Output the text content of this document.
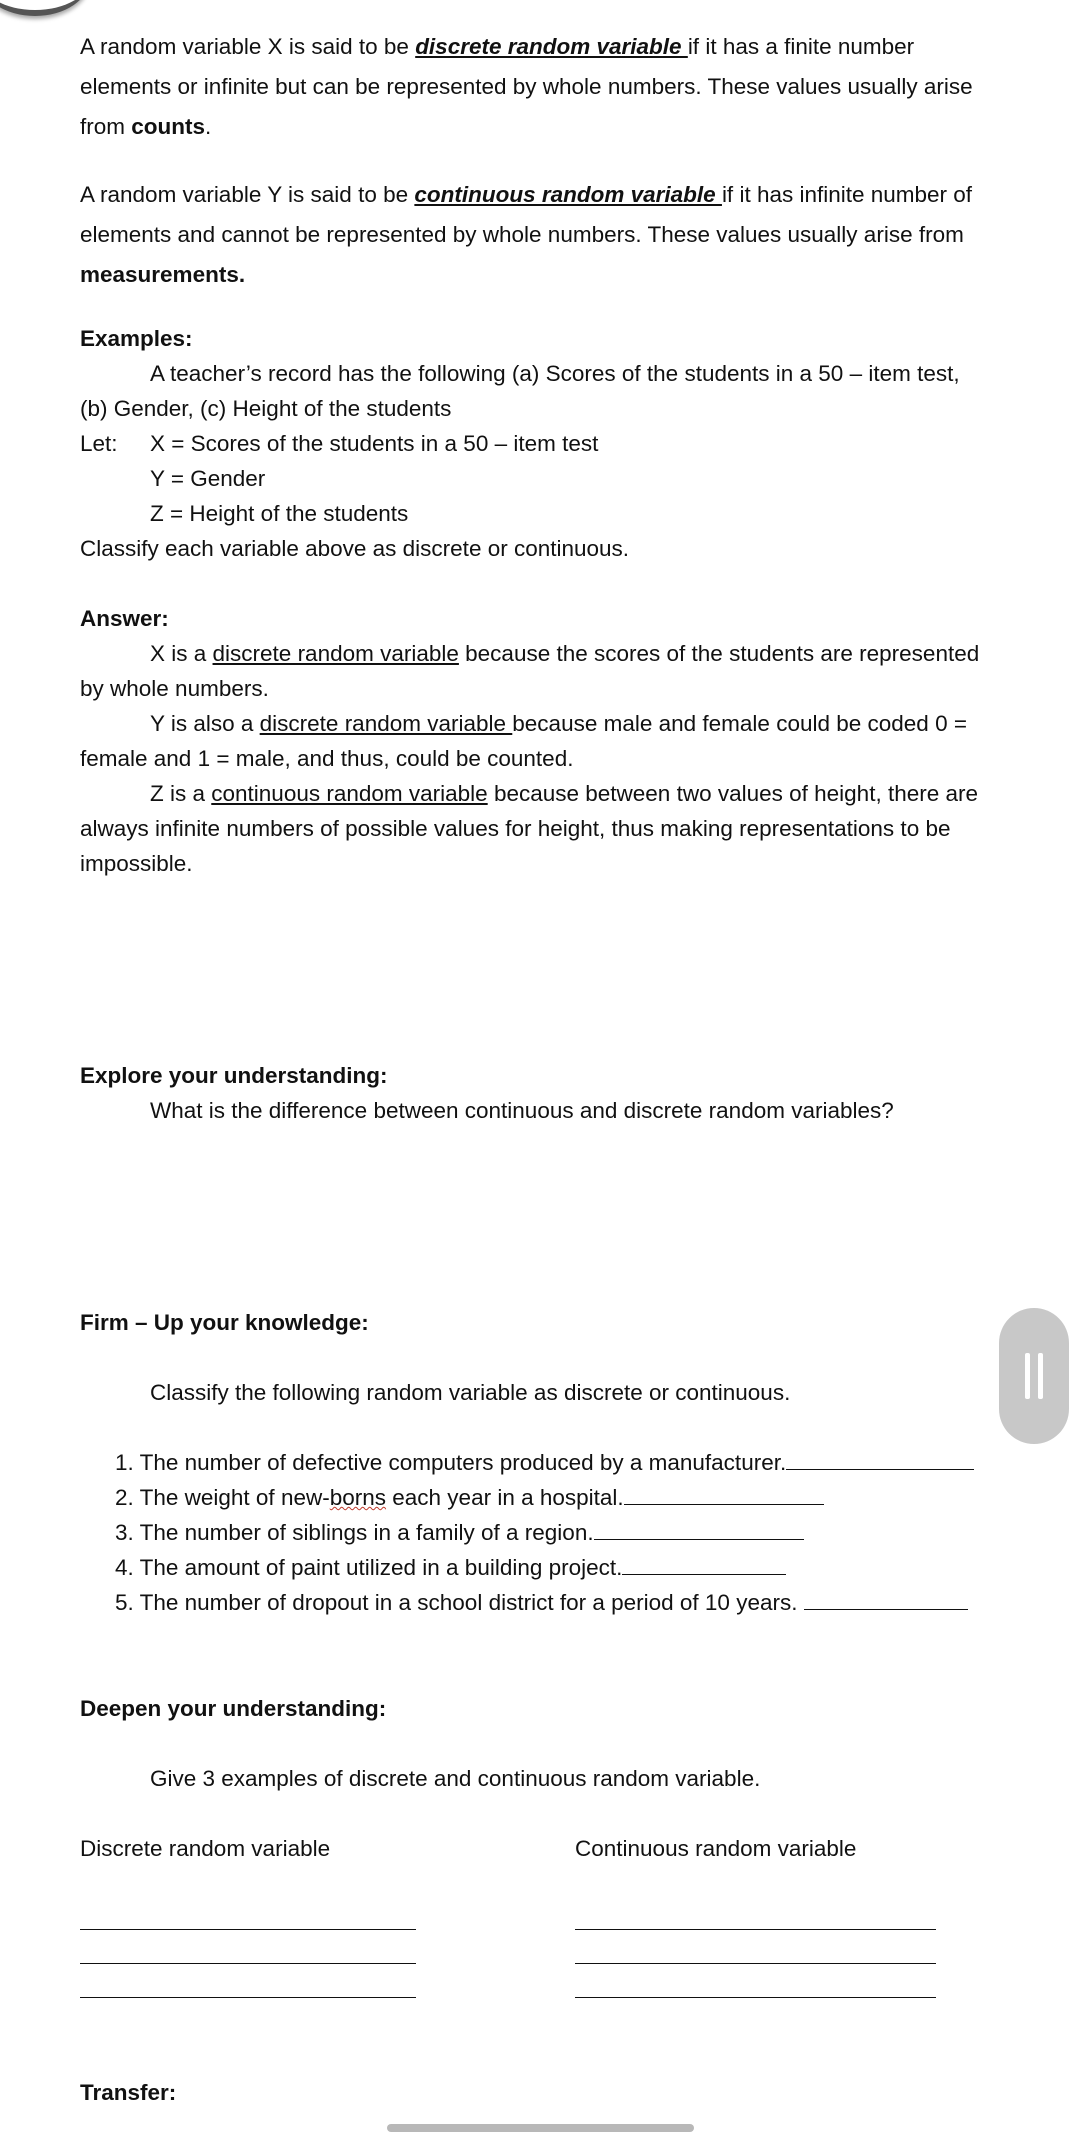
A random variable X is said to be discrete random variable if it has a finite number elements or infinite but can be represented by whole numbers. These values usually arise from counts.

A random variable Y is said to be continuous random variable if it has infinite number of elements and cannot be represented by whole numbers. These values usually arise from measurements.

Examples:
A teacher’s record has the following (a) Scores of the students in a 50 – item test,
(b) Gender, (c) Height of the students
Let: X = Scores of the students in a 50 – item test
Y = Gender
Z = Height of the students
Classify each variable above as discrete or continuous.
Answer:
X is a discrete random variable because the scores of the students are represented
by whole numbers.
Y is also a discrete random variable because male and female could be coded 0 =
female and 1 = male, and thus, could be counted.
Z is a continuous random variable because between two values of height, there are
always infinite numbers of possible values for height, thus making representations to be
impossible.
Explore your understanding:
What is the difference between continuous and discrete random variables?
Firm – Up your knowledge:
Classify the following random variable as discrete or continuous.
1. The number of defective computers produced by a manufacturer.
2. The weight of new-borns each year in a hospital.
3. The number of siblings in a family of a region.
4. The amount of paint utilized in a building project.
5. The number of dropout in a school district for a period of 10 years.
Deepen your understanding:
Give 3 examples of discrete and continuous random variable.
Discrete random variable	Continuous random variable
Transfer:
